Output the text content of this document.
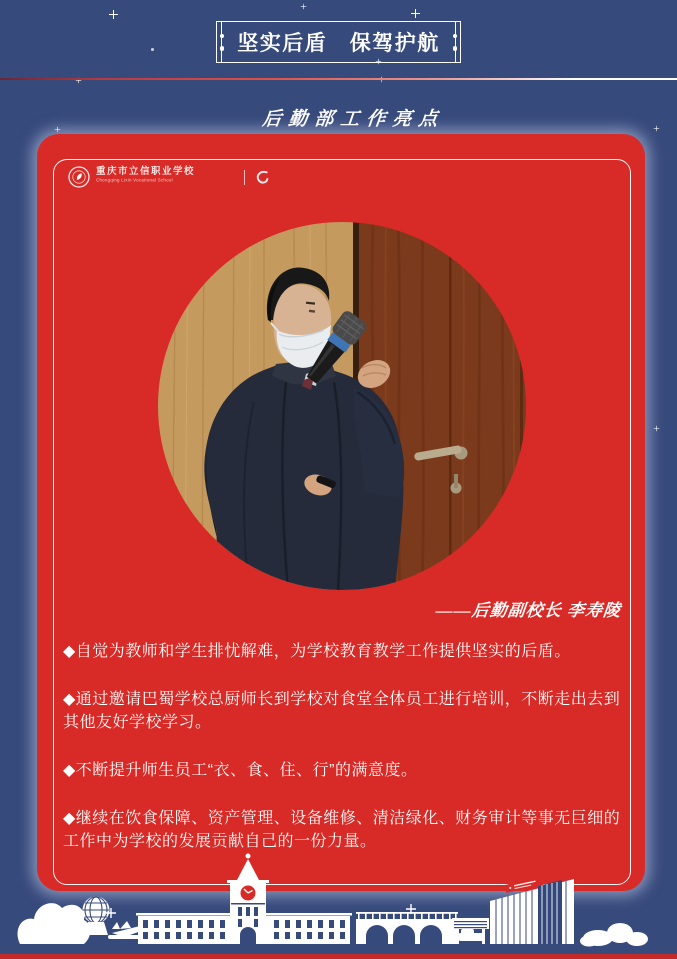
坚实后盾　保驾护航
后勤部工作亮点
重庆市立信职业学校
Chongqing Lixin Vocational School
——后勤副校长 李寿陵

◆自觉为教师和学生排忧解难，为学校教育教学工作提供坚实的后盾。

◆通过邀请巴蜀学校总厨师长到学校对食堂全体员工进行培训，不断走出去到其他友好学校学习。

◆不断提升师生员工“衣、食、住、行”的满意度。

◆继续在饮食保障、资产管理、设备维修、清洁绿化、财务审计等事无巨细的工作中为学校的发展贡献自己的一份力量。
